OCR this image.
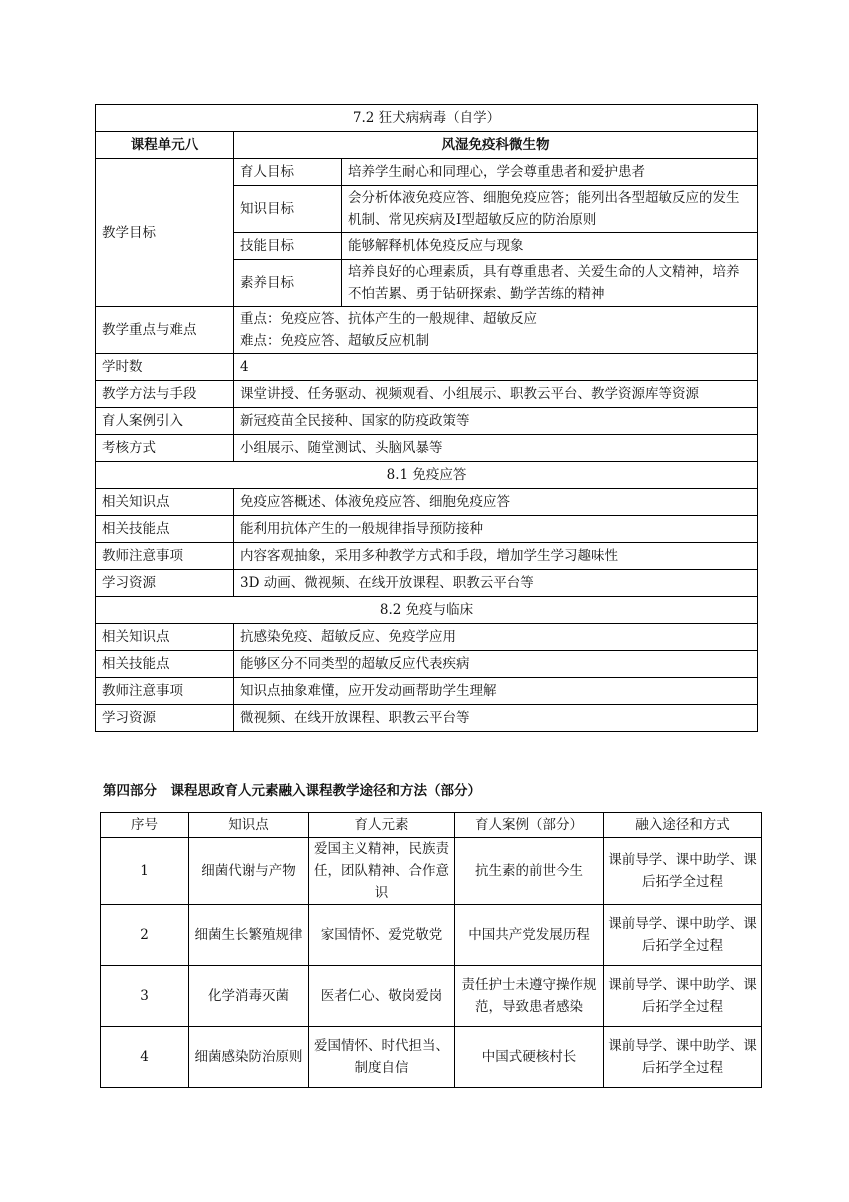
7.2 狂犬病病毒（自学）		
课程单元八	风湿免疫科微生物	
教学目标	育人目标	培养学生耐心和同理心，学会尊重患者和爱护患者
	知识目标	会分析体液免疫应答、细胞免疫应答；能列出各型超敏反应的发生机制、常见疾病及Ⅰ型超敏反应的防治原则
	技能目标	能够解释机体免疫反应与现象
	素养目标	培养良好的心理素质，具有尊重患者、关爱生命的人文精神，培养不怕苦累、勇于钻研探索、勤学苦练的精神
教学重点与难点	重点：免疫应答、抗体产生的一般规律、超敏反应
难点：免疫应答、超敏反应机制	

学时数	4	
教学方法与手段	课堂讲授、任务驱动、视频观看、小组展示、职教云平台、教学资源库等资源	
育人案例引入	新冠疫苗全民接种、国家的防疫政策等	
考核方式	小组展示、随堂测试、头脑风暴等	
8.1 免疫应答		
相关知识点	免疫应答概述、体液免疫应答、细胞免疫应答	
相关技能点	能利用抗体产生的一般规律指导预防接种	
教师注意事项	内容客观抽象，采用多种教学方式和手段，增加学生学习趣味性	
学习资源	3D 动画、微视频、在线开放课程、职教云平台等	
8.2 免疫与临床		
相关知识点	抗感染免疫、超敏反应、免疫学应用	
相关技能点	能够区分不同类型的超敏反应代表疾病	
教师注意事项	知识点抽象难懂，应开发动画帮助学生理解	
学习资源	微视频、在线开放课程、职教云平台等	
第四部分　课程思政育人元素融入课程教学途径和方法（部分）
序号	知识点	育人元素	育人案例（部分）	融入途径和方式
1	细菌代谢与产物	爱国主义精神，民族责任，团队精神、合作意识	抗生素的前世今生	课前导学、课中助学、课后拓学全过程
2	细菌生长繁殖规律	家国情怀、爱党敬党	中国共产党发展历程	课前导学、课中助学、课后拓学全过程
3	化学消毒灭菌	医者仁心、敬岗爱岗	责任护士未遵守操作规范，导致患者感染	课前导学、课中助学、课后拓学全过程
4	细菌感染防治原则	爱国情怀、时代担当、制度自信	中国式硬核村长	课前导学、课中助学、课后拓学全过程
